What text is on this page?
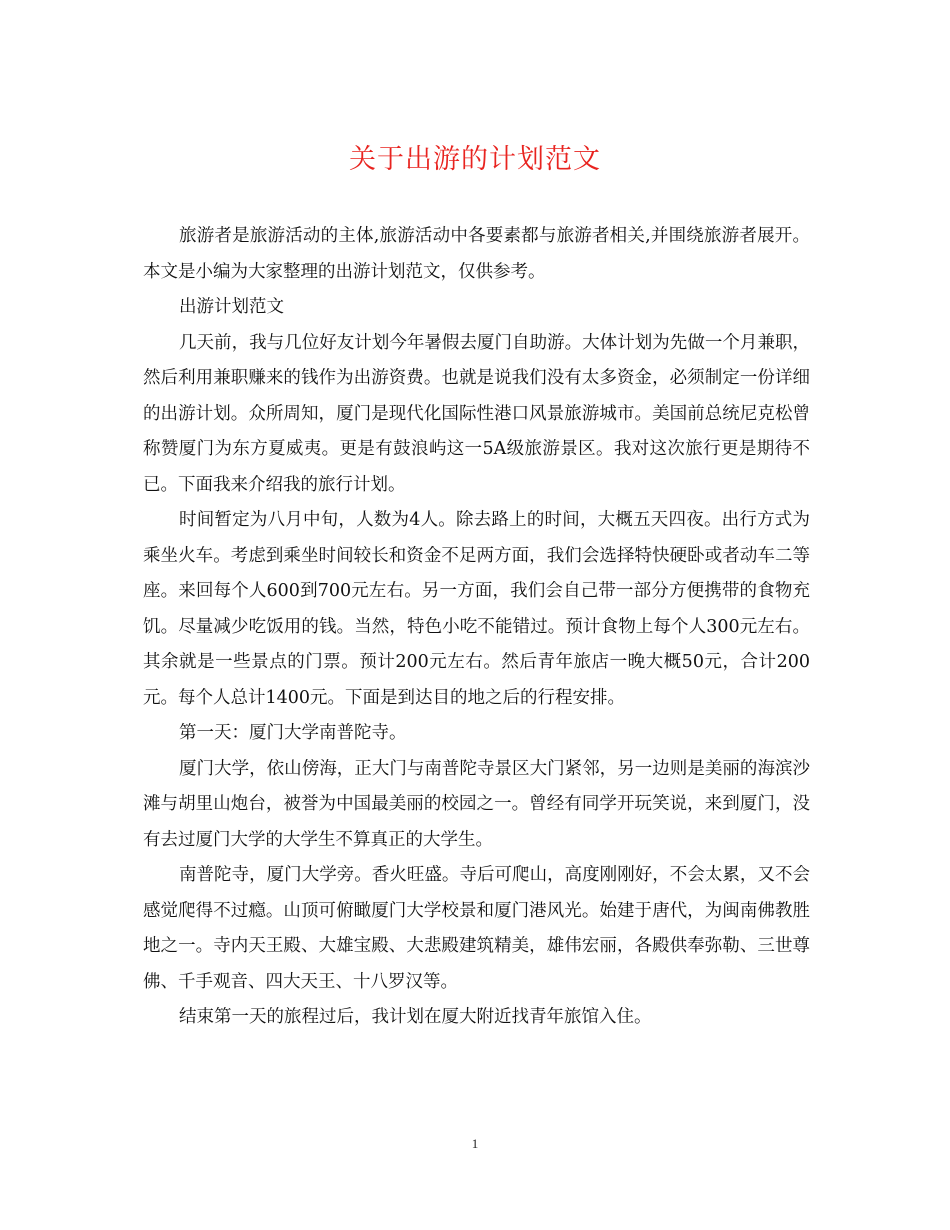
关于出游的计划范文

旅游者是旅游活动的主体,旅游活动中各要素都与旅游者相关,并围绕旅游者展开。本文是小编为大家整理的出游计划范文，仅供参考。

出游计划范文

几天前，我与几位好友计划今年暑假去厦门自助游。大体计划为先做一个月兼职，然后利用兼职赚来的钱作为出游资费。也就是说我们没有太多资金，必须制定一份详细的出游计划。众所周知，厦门是现代化国际性港口风景旅游城市。美国前总统尼克松曾称赞厦门为东方夏威夷。更是有鼓浪屿这一5A级旅游景区。我对这次旅行更是期待不已。下面我来介绍我的旅行计划。

时间暂定为八月中旬，人数为4人。除去路上的时间，大概五天四夜。出行方式为乘坐火车。考虑到乘坐时间较长和资金不足两方面，我们会选择特快硬卧或者动车二等座。来回每个人600到700元左右。另一方面，我们会自己带一部分方便携带的食物充饥。尽量减少吃饭用的钱。当然，特色小吃不能错过。预计食物上每个人300元左右。其余就是一些景点的门票。预计200元左右。然后青年旅店一晚大概50元，合计200元。每个人总计1400元。下面是到达目的地之后的行程安排。

第一天：厦门大学南普陀寺。

厦门大学，依山傍海，正大门与南普陀寺景区大门紧邻，另一边则是美丽的海滨沙滩与胡里山炮台，被誉为中国最美丽的校园之一。曾经有同学开玩笑说，来到厦门，没有去过厦门大学的大学生不算真正的大学生。

南普陀寺，厦门大学旁。香火旺盛。寺后可爬山，高度刚刚好，不会太累，又不会感觉爬得不过瘾。山顶可俯瞰厦门大学校景和厦门港风光。始建于唐代，为闽南佛教胜地之一。寺内天王殿、大雄宝殿、大悲殿建筑精美，雄伟宏丽，各殿供奉弥勒、三世尊佛、千手观音、四大天王、十八罗汉等。

结束第一天的旅程过后，我计划在厦大附近找青年旅馆入住。

1
